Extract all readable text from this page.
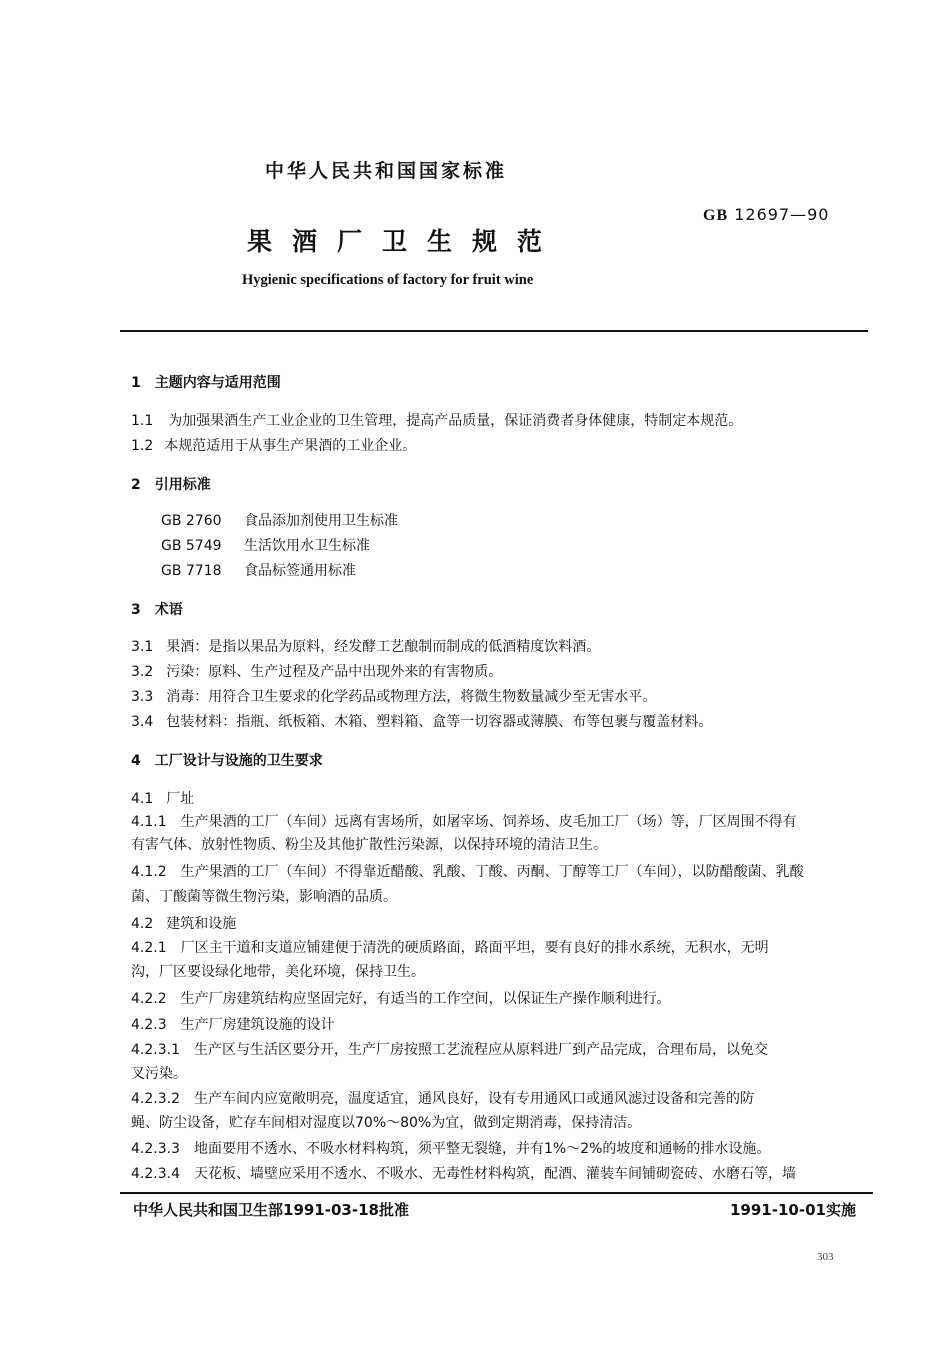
中华人民共和国国家标准
GB 12697—90
果酒厂卫生规范
Hygienic specifications of factory for fruit wine
1 主题内容与适用范围
1.1 为加强果酒生产工业企业的卫生管理，提高产品质量，保证消费者身体健康，特制定本规范。
1.2 本规范适用于从事生产果酒的工业企业。
2 引用标准
GB 2760	食品添加剂使用卫生标准
GB 5749	生活饮用水卫生标准
GB 7718	食品标签通用标准
3 术语
3.1 果酒：是指以果品为原料，经发酵工艺酿制而制成的低酒精度饮料酒。
3.2 污染：原料、生产过程及产品中出现外来的有害物质。
3.3 消毒：用符合卫生要求的化学药品或物理方法，将微生物数量减少至无害水平。
3.4 包装材料：指瓶、纸板箱、木箱、塑料箱、盒等一切容器或薄膜、布等包裹与覆盖材料。
4 工厂设计与设施的卫生要求
4.1 厂址
4.1.1　生产果酒的工厂（车间）远离有害场所，如屠宰场、饲养场、皮毛加工厂（场）等，厂区周围不得有
有害气体、放射性物质、粉尘及其他扩散性污染源，以保持环境的清洁卫生。
4.1.2　生产果酒的工厂（车间）不得靠近醋酸、乳酸、丁酸、丙酮、丁醇等工厂（车间），以防醋酸菌、乳酸
菌、丁酸菌等微生物污染，影响酒的品质。
4.2 建筑和设施
4.2.1　厂区主干道和支道应铺建便于清洗的硬质路面，路面平坦，要有良好的排水系统，无积水，无明
沟，厂区要设绿化地带，美化环境，保持卫生。
4.2.2　生产厂房建筑结构应坚固完好，有适当的工作空间，以保证生产操作顺利进行。
4.2.3　生产厂房建筑设施的设计
4.2.3.1　生产区与生活区要分开，生产厂房按照工艺流程应从原料进厂到产品完成，合理布局，以免交
叉污染。
4.2.3.2　生产车间内应宽敞明亮，温度适宜，通风良好，设有专用通风口或通风滤过设备和完善的防
蝇、防尘设备，贮存车间相对湿度以70%～80%为宜，做到定期消毒，保持清洁。
4.2.3.3　地面要用不透水、不吸水材料构筑，须平整无裂缝，并有1%～2%的坡度和通畅的排水设施。
4.2.3.4　天花板、墙壁应采用不透水、不吸水、无毒性材料构筑，配酒、灌装车间铺砌瓷砖、水磨石等，墙
中华人民共和国卫生部1991-03-18批准	1991-10-01实施
303
